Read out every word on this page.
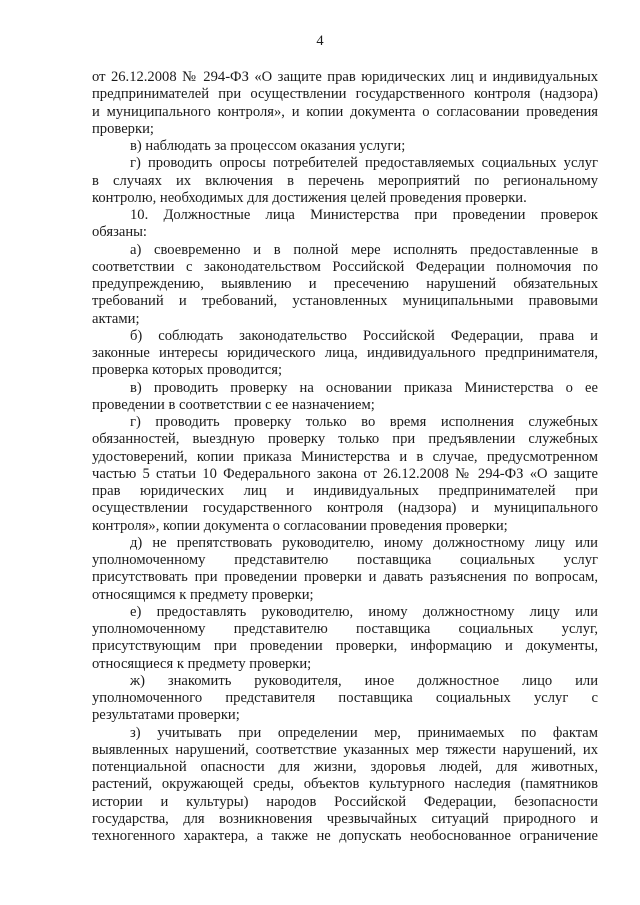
4

от 26.12.2008 № 294-ФЗ «О защите прав юридических лиц и индивидуальных

предпринимателей при осуществлении государственного контроля (надзора)

и муниципального контроля», и копии документа о согласовании проведения

проверки;

в) наблюдать за процессом оказания услуги;

г) проводить опросы потребителей предоставляемых социальных услуг

в случаях их включения в перечень мероприятий по региональному

контролю, необходимых для достижения целей проведения проверки.

10. Должностные лица Министерства при проведении проверок

обязаны:

а) своевременно и в полной мере исполнять предоставленные в

соответствии с законодательством Российской Федерации полномочия по

предупреждению, выявлению и пресечению нарушений обязательных

требований и требований, установленных муниципальными правовыми

актами;

б) соблюдать законодательство Российской Федерации, права и

законные интересы юридического лица, индивидуального предпринимателя,

проверка которых проводится;

в) проводить проверку на основании приказа Министерства о ее

проведении в соответствии с ее назначением;

г) проводить проверку только во время исполнения служебных

обязанностей, выездную проверку только при предъявлении служебных

удостоверений, копии приказа Министерства и в случае, предусмотренном

частью 5 статьи 10 Федерального закона от 26.12.2008 № 294-ФЗ «О защите

прав юридических лиц и индивидуальных предпринимателей при

осуществлении государственного контроля (надзора) и муниципального

контроля», копии документа о согласовании проведения проверки;

д) не препятствовать руководителю, иному должностному лицу или

уполномоченному представителю поставщика социальных услуг

присутствовать при проведении проверки и давать разъяснения по вопросам,

относящимся к предмету проверки;

е) предоставлять руководителю, иному должностному лицу или

уполномоченному представителю поставщика социальных услуг,

присутствующим при проведении проверки, информацию и документы,

относящиеся к предмету проверки;

ж) знакомить руководителя, иное должностное лицо или

уполномоченного представителя поставщика социальных услуг с

результатами проверки;

з) учитывать при определении мер, принимаемых по фактам

выявленных нарушений, соответствие указанных мер тяжести нарушений, их

потенциальной опасности для жизни, здоровья людей, для животных,

растений, окружающей среды, объектов культурного наследия (памятников

истории и культуры) народов Российской Федерации, безопасности

государства, для возникновения чрезвычайных ситуаций природного и

техногенного характера, а также не допускать необоснованное ограничение
